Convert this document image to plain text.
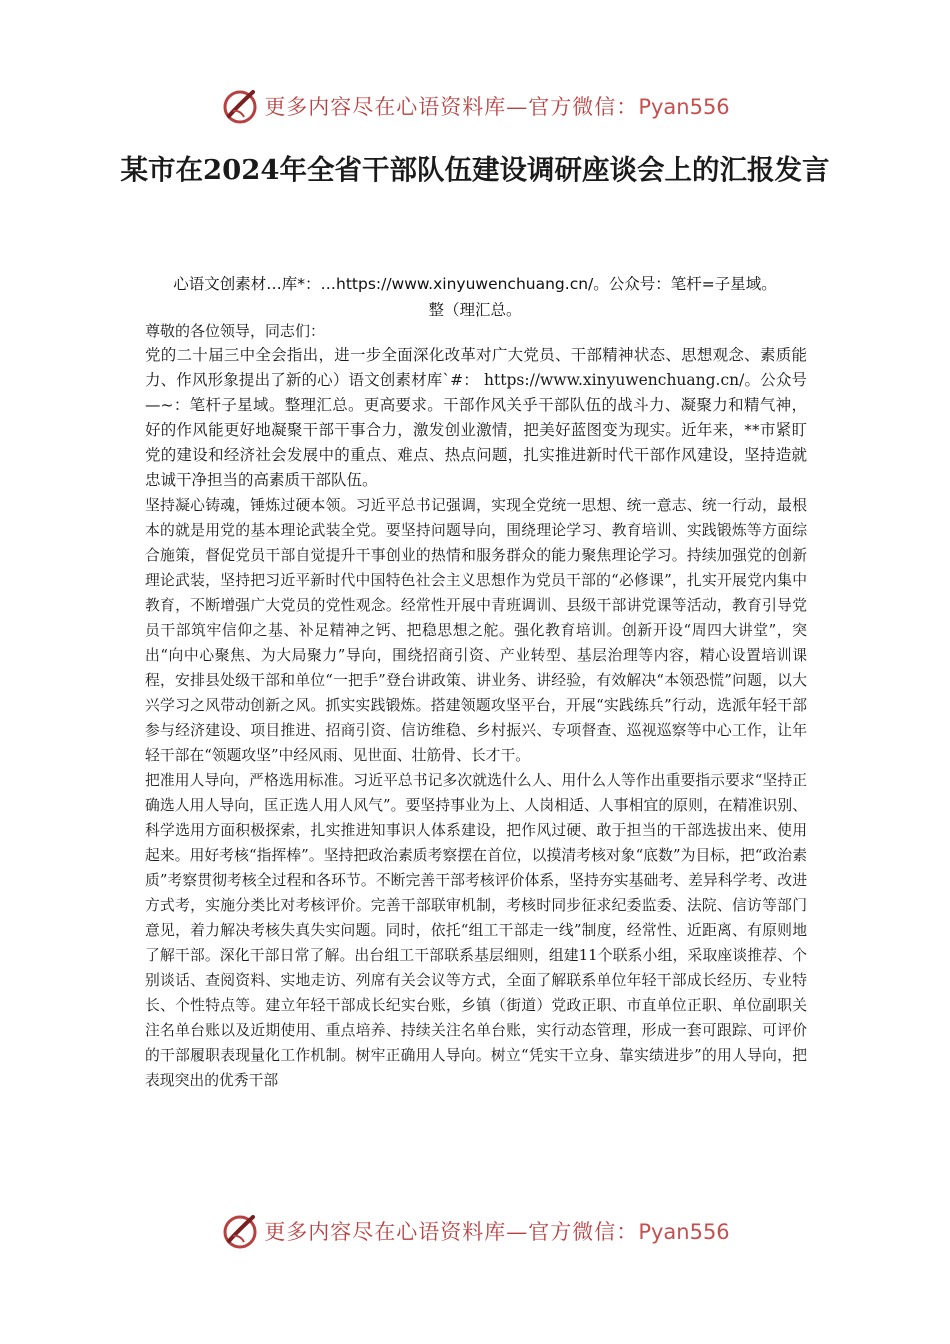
更多内容尽在心语资料库—官方微信：Pyan556
某市在2024年全省干部队伍建设调研座谈会上的汇报发言
心语文创素材…库*：…https://www.xinyuwenchuang.cn/。公众号：笔杆=子星域。
整（理汇总。

尊敬的各位领导，同志们：

党的二十届三中全会指出，进一步全面深化改革对广大党员、干部精神状态、思想观念、素质能力、作风形象提出了新的心）语文创素材库`#： https://www.xinyuwenchuang.cn/。公众号—~：笔杆子星域。整理汇总。更高要求。干部作风关乎干部队伍的战斗力、凝聚力和精气神，好的作风能更好地凝聚干部干事合力，激发创业激情，把美好蓝图变为现实。近年来，**市紧盯党的建设和经济社会发展中的重点、难点、热点问题，扎实推进新时代干部作风建设，坚持造就忠诚干净担当的高素质干部队伍。

坚持凝心铸魂，锤炼过硬本领。习近平总书记强调，实现全党统一思想、统一意志、统一行动，最根本的就是用党的基本理论武装全党。要坚持问题导向，围绕理论学习、教育培训、实践锻炼等方面综合施策，督促党员干部自觉提升干事创业的热情和服务群众的能力聚焦理论学习。持续加强党的创新理论武装，坚持把习近平新时代中国特色社会主义思想作为党员干部的“必修课”，扎实开展党内集中教育，不断增强广大党员的党性观念。经常性开展中青班调训、县级干部讲党课等活动，教育引导党员干部筑牢信仰之基、补足精神之钙、把稳思想之舵。强化教育培训。创新开设“周四大讲堂”，突出“向中心聚焦、为大局聚力”导向，围绕招商引资、产业转型、基层治理等内容，精心设置培训课程，安排县处级干部和单位“一把手”登台讲政策、讲业务、讲经验，有效解决“本领恐慌”问题，以大兴学习之风带动创新之风。抓实实践锻炼。搭建领题攻坚平台，开展“实践练兵”行动，选派年轻干部参与经济建设、项目推进、招商引资、信访维稳、乡村振兴、专项督查、巡视巡察等中心工作，让年轻干部在“领题攻坚”中经风雨、见世面、壮筋骨、长才干。

把准用人导向，严格选用标准。习近平总书记多次就选什么人、用什么人等作出重要指示要求“坚持正确选人用人导向，匡正选人用人风气”。要坚持事业为上、人岗相适、人事相宜的原则，在精准识别、科学选用方面积极探索，扎实推进知事识人体系建设，把作风过硬、敢于担当的干部选拔出来、使用起来。用好考核“指挥棒”。坚持把政治素质考察摆在首位，以摸清考核对象“底数”为目标，把“政治素质”考察贯彻考核全过程和各环节。不断完善干部考核评价体系，坚持夯实基础考、差异科学考、改进方式考，实施分类比对考核评价。完善干部联审机制，考核时同步征求纪委监委、法院、信访等部门意见，着力解决考核失真失实问题。同时，依托“组工干部走一线”制度，经常性、近距离、有原则地了解干部。深化干部日常了解。出台组工干部联系基层细则，组建11个联系小组，采取座谈推荐、个别谈话、查阅资料、实地走访、列席有关会议等方式，全面了解联系单位年轻干部成长经历、专业特长、个性特点等。建立年轻干部成长纪实台账，乡镇（街道）党政正职、市直单位正职、单位副职关注名单台账以及近期使用、重点培养、持续关注名单台账，实行动态管理，形成一套可跟踪、可评价的干部履职表现量化工作机制。树牢正确用人导向。树立“凭实干立身、靠实绩进步”的用人导向，把表现突出的优秀干部

更多内容尽在心语资料库—官方微信：Pyan556
